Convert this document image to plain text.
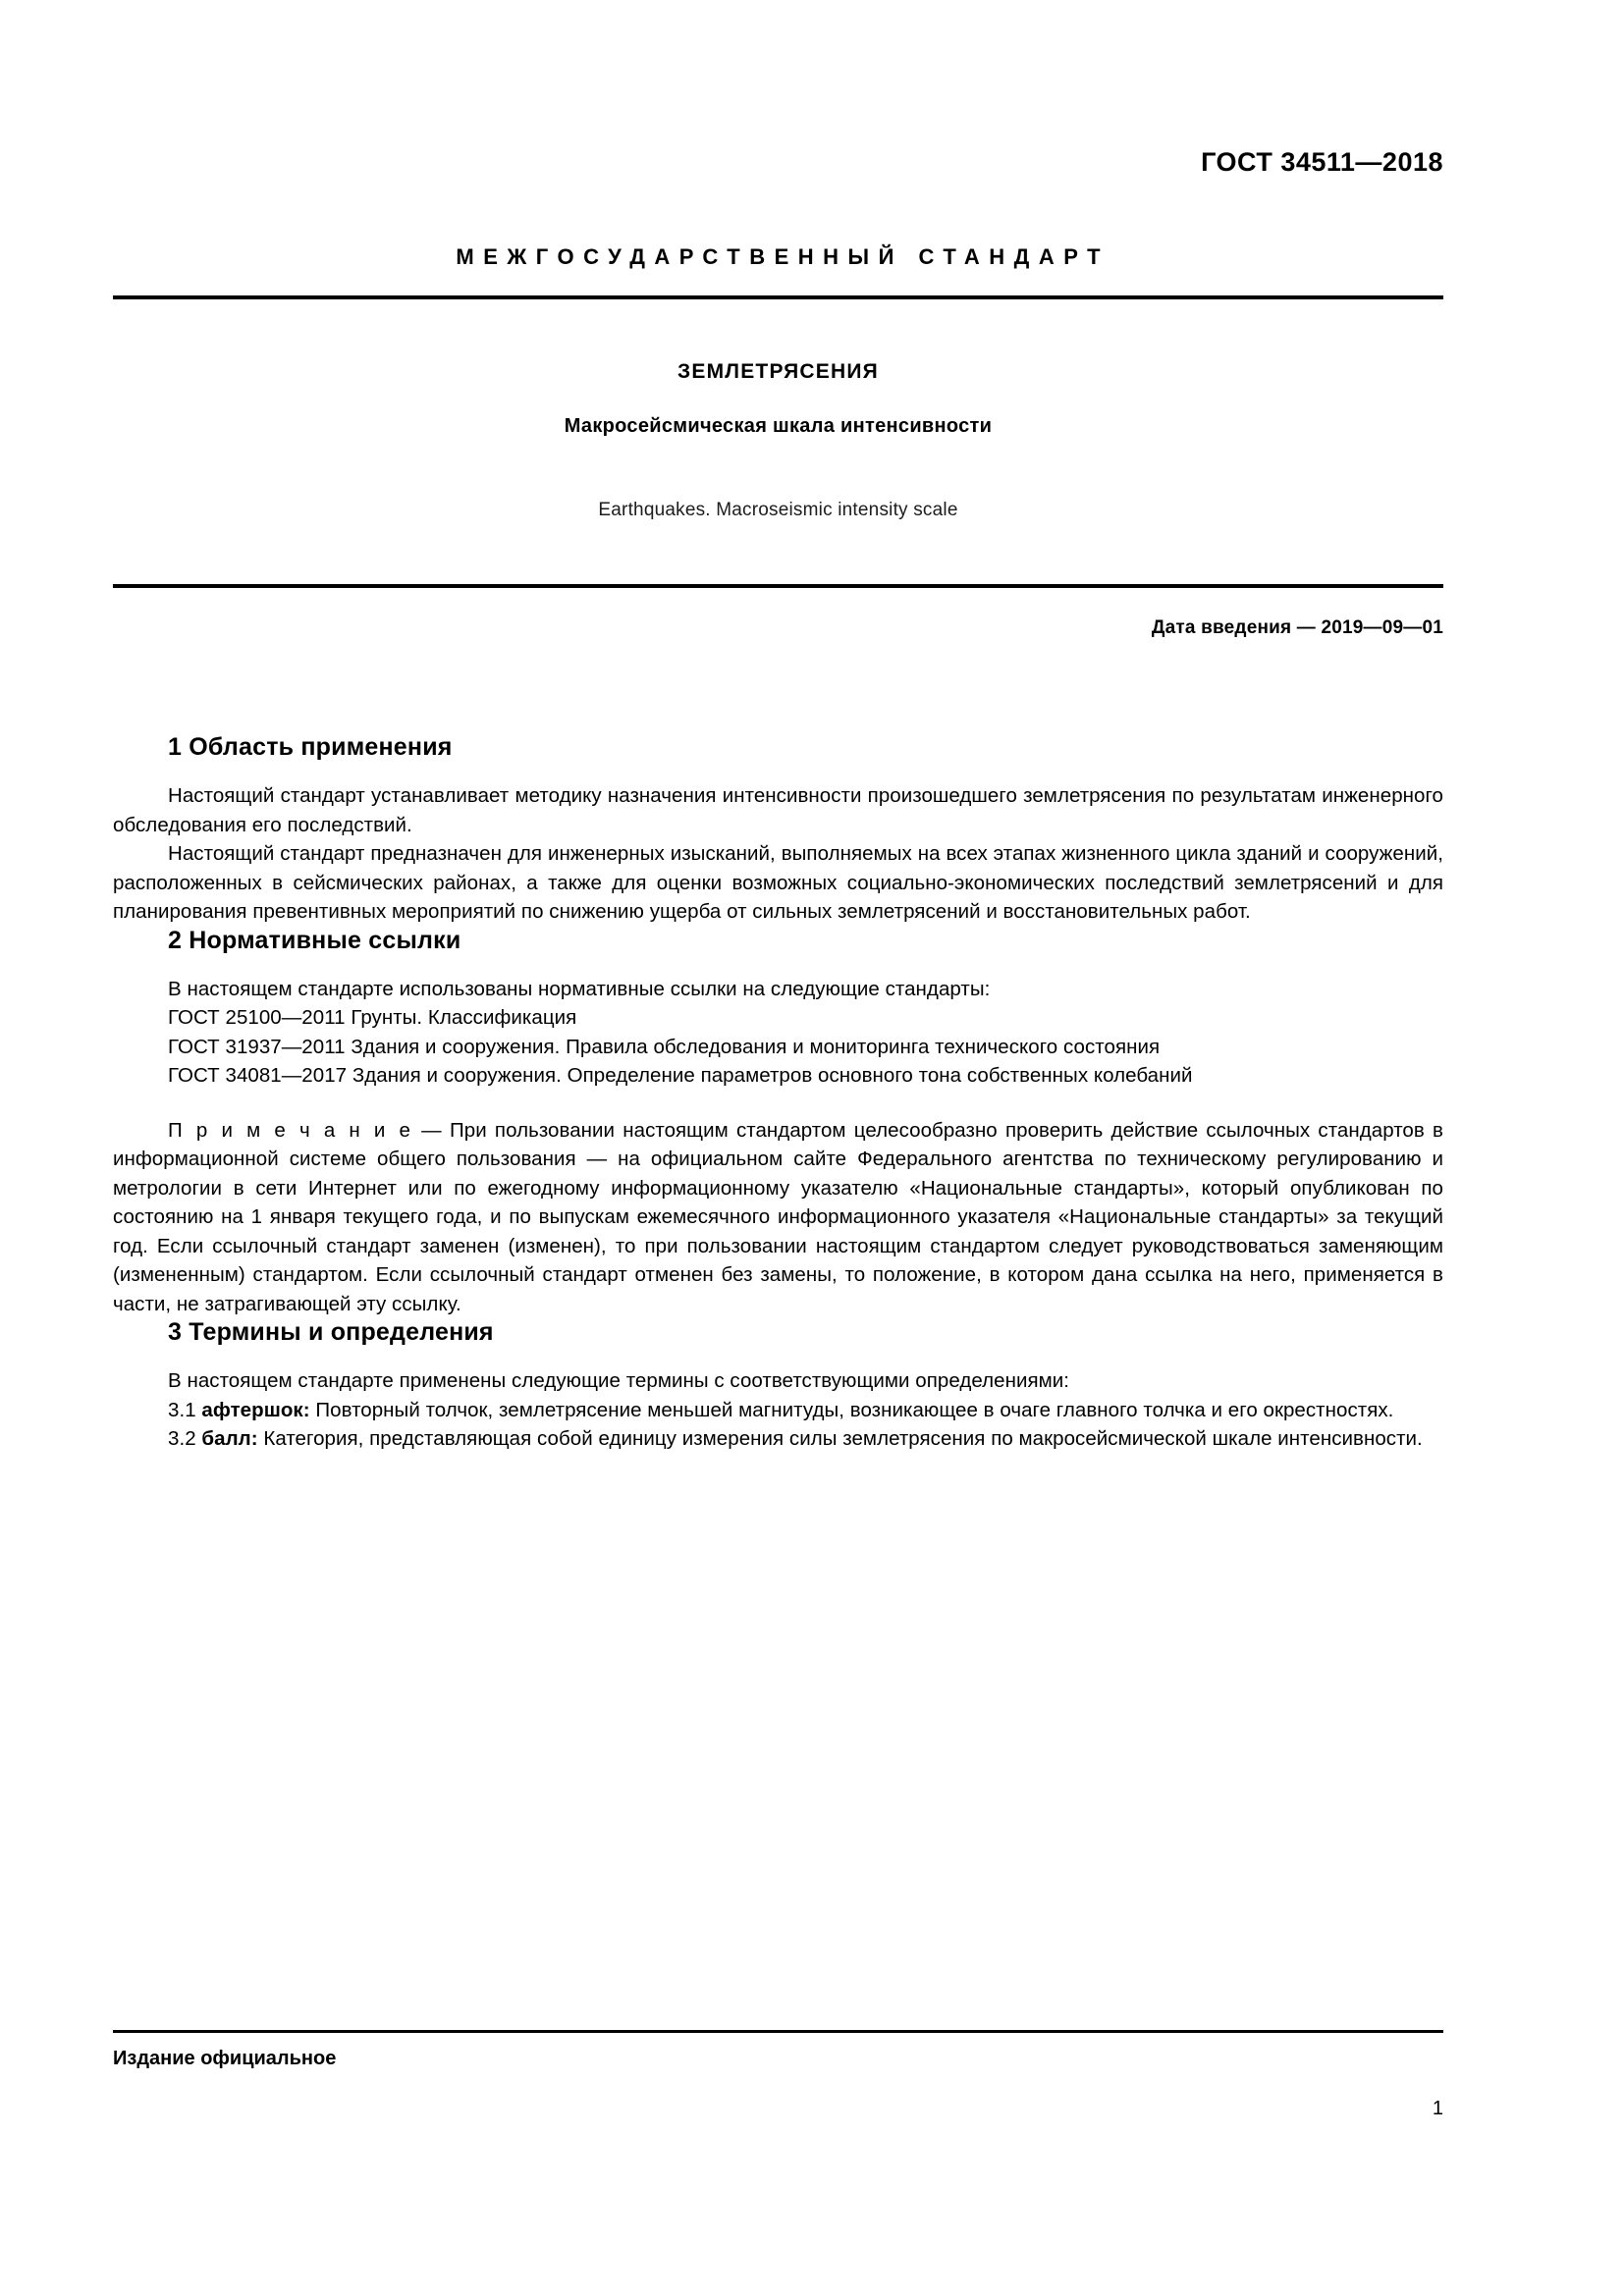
ГОСТ 34511—2018
МЕЖГОСУДАРСТВЕННЫЙ СТАНДАРТ
ЗЕМЛЕТРЯСЕНИЯ
Макросейсмическая шкала интенсивности
Earthquakes. Macroseismic intensity scale
Дата введения — 2019—09—01
1 Область применения

Настоящий стандарт устанавливает методику назначения интенсивности произошедшего землетрясения по результатам инженерного обследования его последствий.

Настоящий стандарт предназначен для инженерных изысканий, выполняемых на всех этапах жизненного цикла зданий и сооружений, расположенных в сейсмических районах, а также для оценки возможных социально-экономических последствий землетрясений и для планирования превентивных мероприятий по снижению ущерба от сильных землетрясений и восстановительных работ.

2 Нормативные ссылки

В настоящем стандарте использованы нормативные ссылки на следующие стандарты:

ГОСТ 25100—2011 Грунты. Классификация

ГОСТ 31937—2011 Здания и сооружения. Правила обследования и мониторинга технического состояния

ГОСТ 34081—2017 Здания и сооружения. Определение параметров основного тона собственных колебаний

П р и м е ч а н и е — При пользовании настоящим стандартом целесообразно проверить действие ссылочных стандартов в информационной системе общего пользования — на официальном сайте Федерального агентства по техническому регулированию и метрологии в сети Интернет или по ежегодному информационному указателю «Национальные стандарты», который опубликован по состоянию на 1 января текущего года, и по выпускам ежемесячного информационного указателя «Национальные стандарты» за текущий год. Если ссылочный стандарт заменен (изменен), то при пользовании настоящим стандартом следует руководствоваться заменяющим (измененным) стандартом. Если ссылочный стандарт отменен без замены, то положение, в котором дана ссылка на него, применяется в части, не затрагивающей эту ссылку.

3 Термины и определения

В настоящем стандарте применены следующие термины с соответствующими определениями:

3.1 афтершок: Повторный толчок, землетрясение меньшей магнитуды, возникающее в очаге главного толчка и его окрестностях.

3.2 балл: Категория, представляющая собой единицу измерения силы землетрясения по макросейсмической шкале интенсивности.

Издание официальное
1
